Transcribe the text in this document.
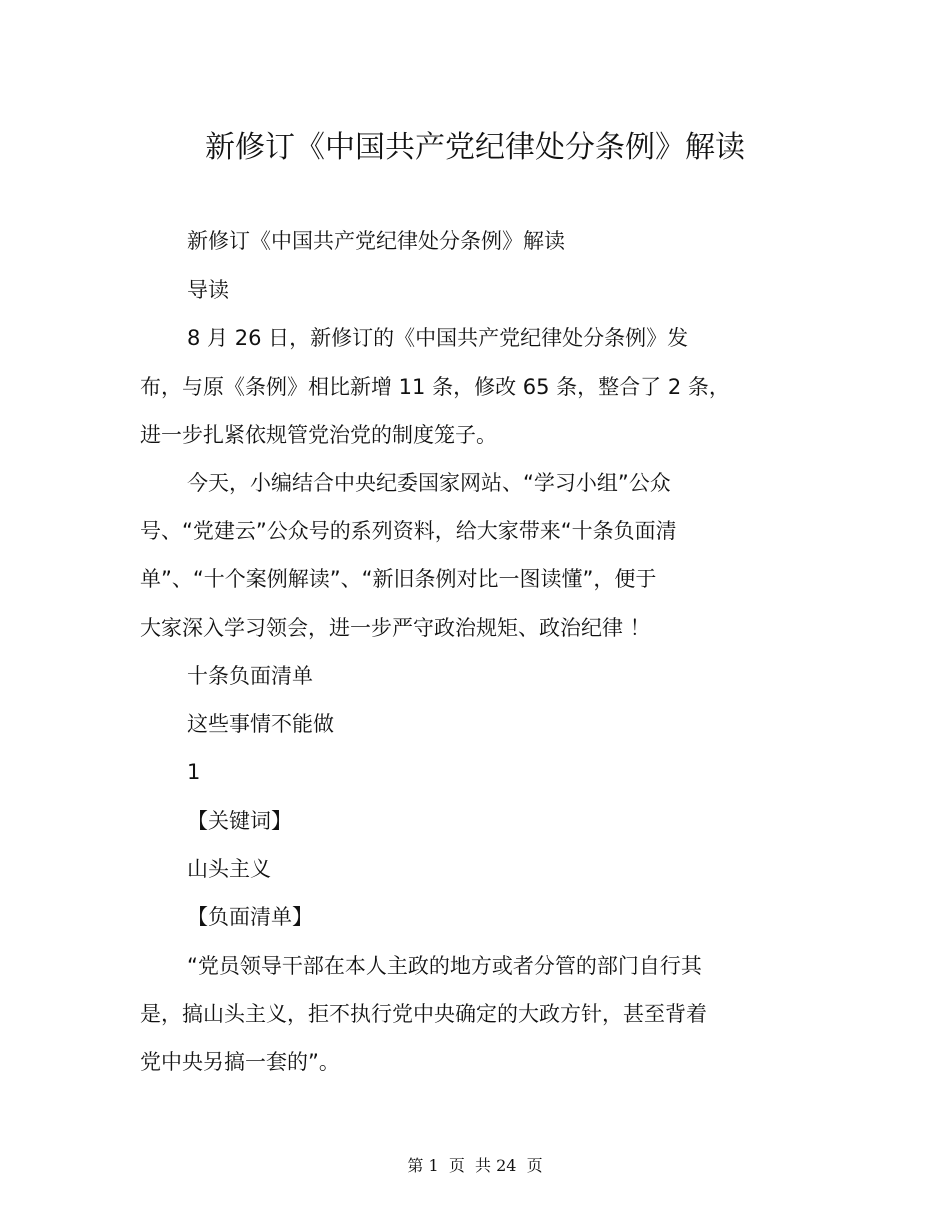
新修订《中国共产党纪律处分条例》解读
新修订《中国共产党纪律处分条例》解读
导读
8 月 26 日，新修订的《中国共产党纪律处分条例》发
布，与原《条例》相比新增 11 条，修改 65 条，整合了 2 条，
进一步扎紧依规管党治党的制度笼子。
今天，小编结合中央纪委国家网站、“学习小组”公众
号、“党建云”公众号的系列资料，给大家带来“十条负面清
单”、“十个案例解读”、“新旧条例对比一图读懂”，便于
大家深入学习领会，进一步严守政治规矩、政治纪律 ！
十条负面清单
这些事情不能做
1
【关键词】
山头主义
【负面清单】
“党员领导干部在本人主政的地方或者分管的部门自行其
是，搞山头主义，拒不执行党中央确定的大政方针，甚至背着
党中央另搞一套的”。
第 1  页  共 24  页
